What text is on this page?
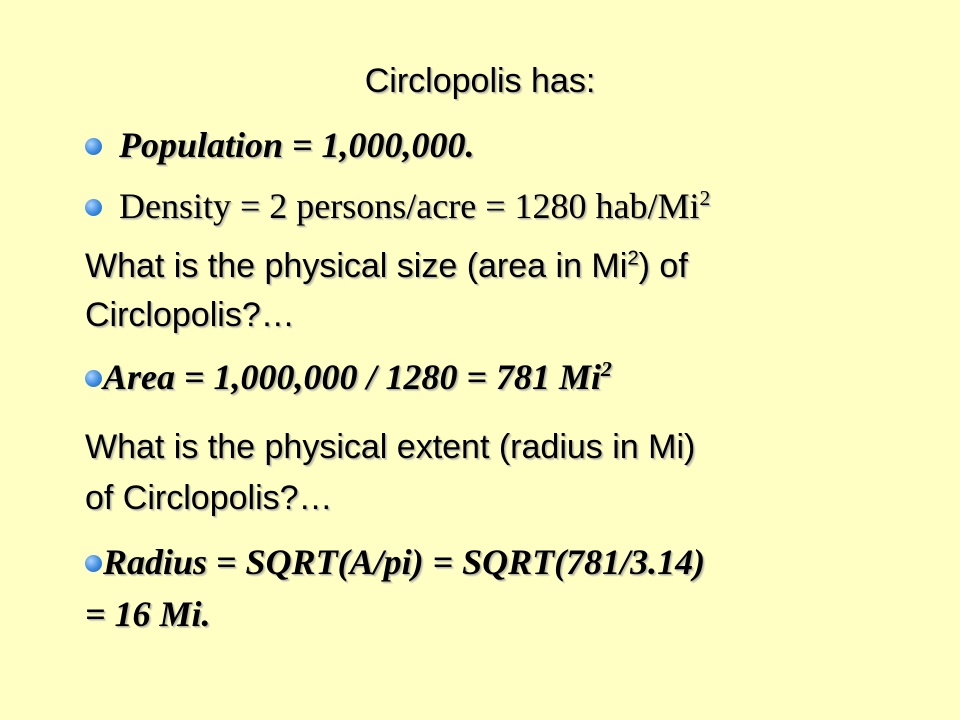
Circlopolis has:
Population = 1,000,000.
Density = 2 persons/acre = 1280 hab/Mi$^2$
What is the physical size (area in Mi$^2$) of
Circlopolis?…
Area = 1,000,000 / 1280 = 781 Mi$^2$
What is the physical extent (radius in Mi)
of Circlopolis?…
Radius = SQRT(A/pi) = SQRT(781/3.14)
= 16 Mi.
